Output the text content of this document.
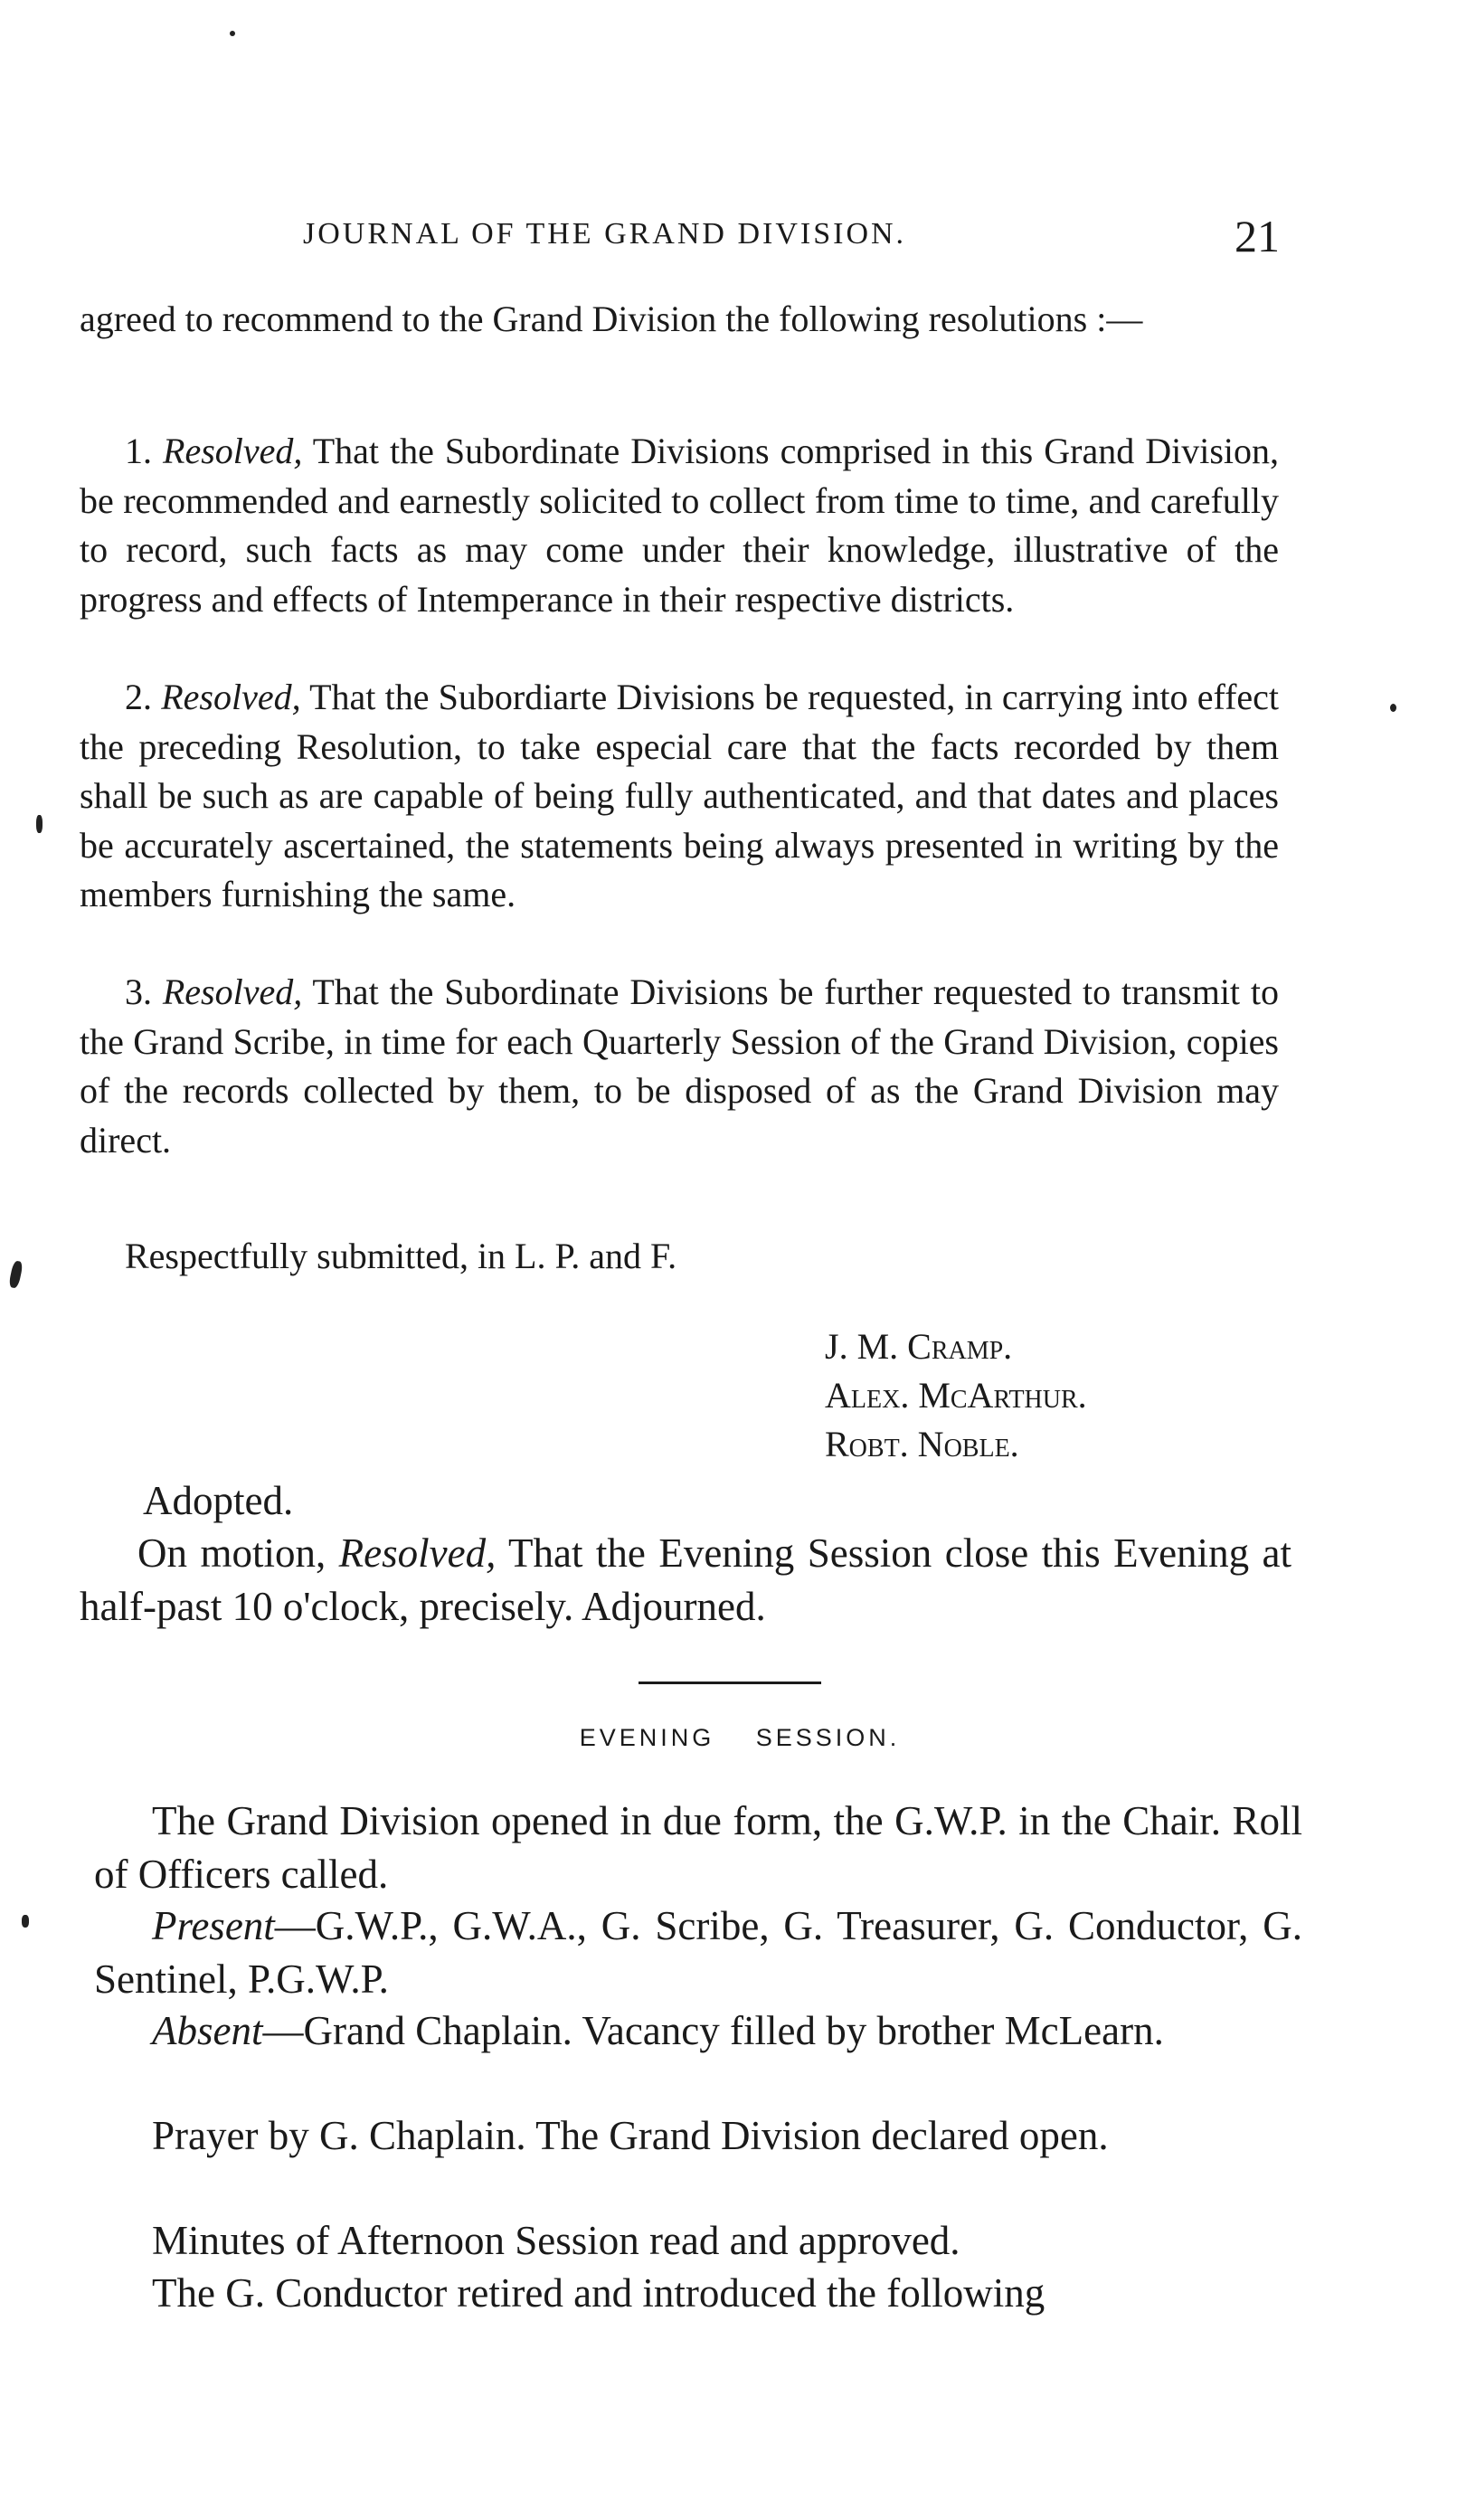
JOURNAL OF THE GRAND DIVISION.	21

agreed to recommend to the Grand Division the following resolutions :—

1. Resolved, That the Subordinate Divisions comprised in this Grand Division, be recommended and earnestly solicited to collect from time to time, and carefully to record, such facts as may come under their knowledge, illustrative of the progress and effects of Intemperance in their respective districts.

2. Resolved, That the Subordiarte Divisions be requested, in carrying into effect the preceding Resolution, to take especial care that the facts recorded by them shall be such as are capable of being fully authenticated, and that dates and places be accurately ascertained, the statements being always presented in writing by the members furnishing the same.

3. Resolved, That the Subordinate Divisions be further requested to transmit to the Grand Scribe, in time for each Quarterly Session of the Grand Division, copies of the records collected by them, to be disposed of as the Grand Division may direct.

Respectfully submitted, in L. P. and F.

J. M. Cramp.
Alex. McArthur.
Robt. Noble.

Adopted.

On motion, Resolved, That the Evening Session close this Evening at half-past 10 o'clock, precisely. Adjourned.

EVENING SESSION.

The Grand Division opened in due form, the G.W.P. in the Chair. Roll of Officers called.

Present—G.W.P., G.W.A., G. Scribe, G. Treasurer, G. Conductor, G. Sentinel, P.G.W.P.

Absent—Grand Chaplain. Vacancy filled by brother McLearn.

Prayer by G. Chaplain. The Grand Division declared open.

Minutes of Afternoon Session read and approved.

The G. Conductor retired and introduced the following
